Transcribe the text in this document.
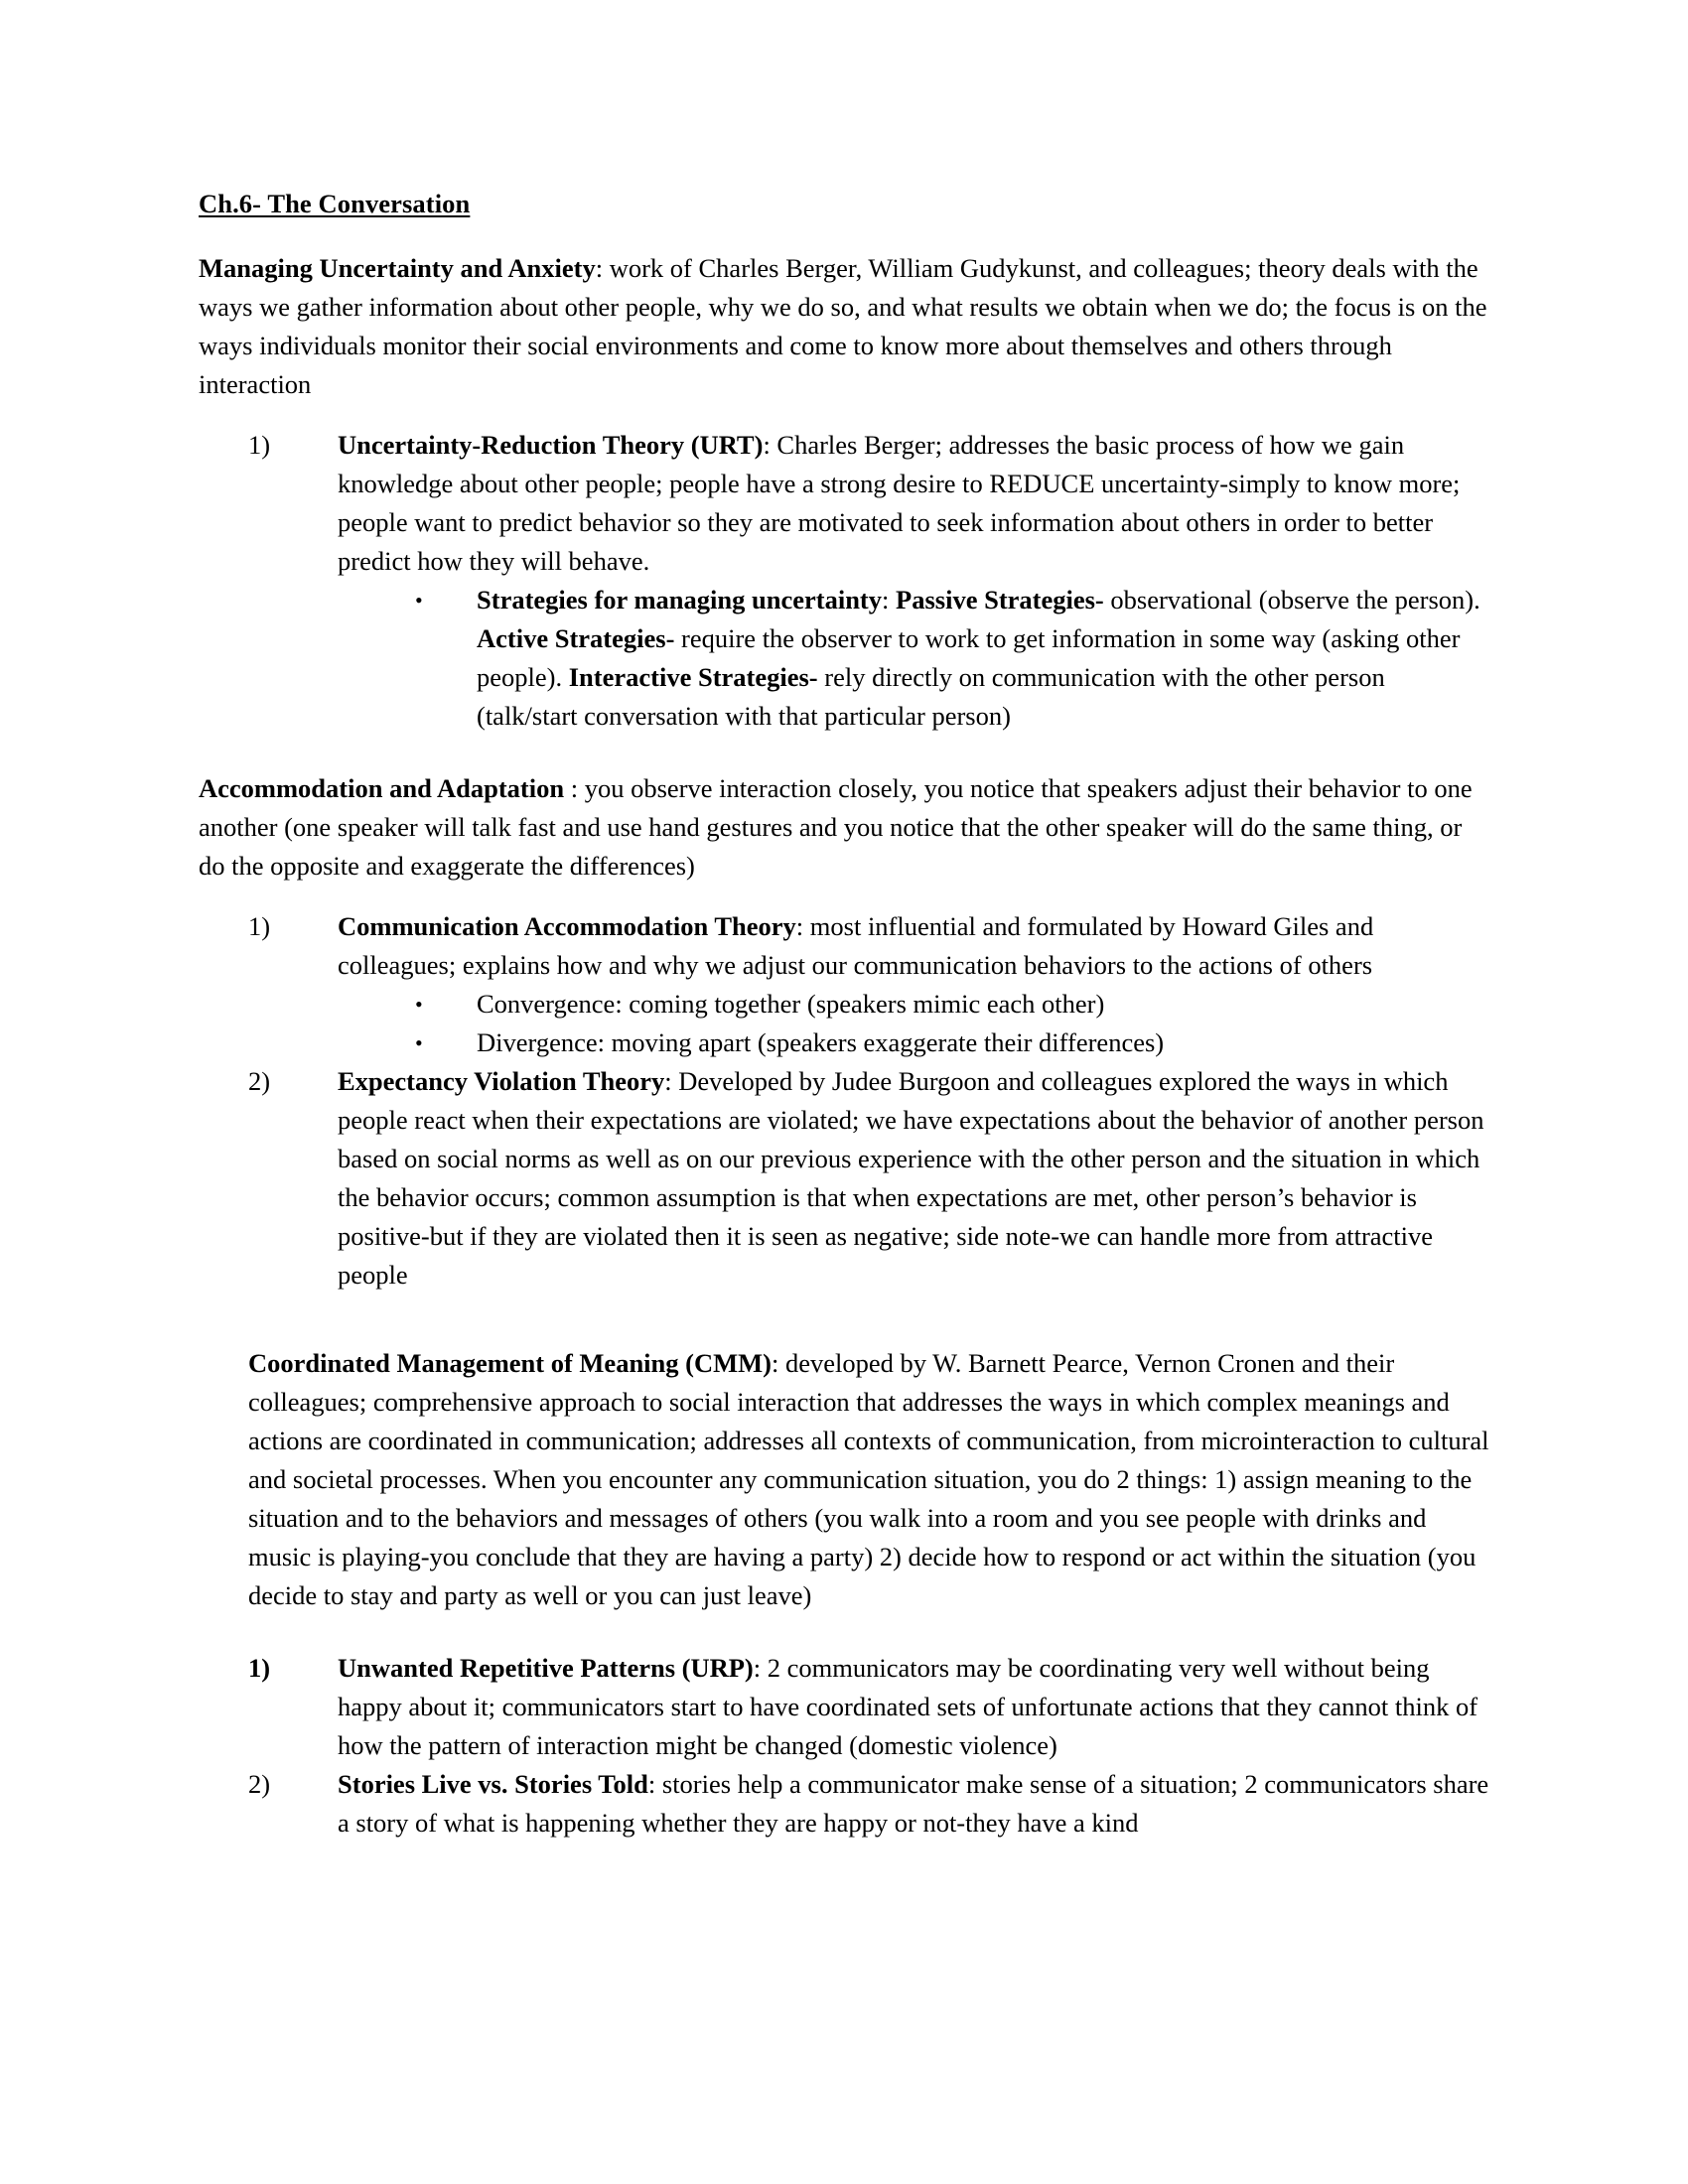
Ch.6- The Conversation

Managing Uncertainty and Anxiety: work of Charles Berger, William Gudykunst, and colleagues; theory deals with the ways we gather information about other people, why we do so, and what results we obtain when we do; the focus is on the ways individuals monitor their social environments and come to know more about themselves and others through interaction

1)	Uncertainty-Reduction Theory (URT): Charles Berger; addresses the basic process of how we gain knowledge about other people; people have a strong desire to REDUCE uncertainty-simply to know more; people want to predict behavior so they are motivated to seek information about others in order to better predict how they will behave.
• Strategies for managing uncertainty: Passive Strategies- observational (observe the person). Active Strategies- require the observer to work to get information in some way (asking other people). Interactive Strategies- rely directly on communication with the other person (talk/start conversation with that particular person)

Accommodation and Adaptation : you observe interaction closely, you notice that speakers adjust their behavior to one another (one speaker will talk fast and use hand gestures and you notice that the other speaker will do the same thing, or do the opposite and exaggerate the differences)

1)	Communication Accommodation Theory: most influential and formulated by Howard Giles and colleagues; explains how and why we adjust our communication behaviors to the actions of others
• Convergence: coming together (speakers mimic each other)
• Divergence: moving apart (speakers exaggerate their differences)
2)	Expectancy Violation Theory: Developed by Judee Burgoon and colleagues explored the ways in which people react when their expectations are violated; we have expectations about the behavior of another person based on social norms as well as on our previous experience with the other person and the situation in which the behavior occurs; common assumption is that when expectations are met, other person’s behavior is positive-but if they are violated then it is seen as negative; side note-we can handle more from attractive people

Coordinated Management of Meaning (CMM): developed by W. Barnett Pearce, Vernon Cronen and their colleagues; comprehensive approach to social interaction that addresses the ways in which complex meanings and actions are coordinated in communication; addresses all contexts of communication, from microinteraction to cultural and societal processes. When you encounter any communication situation, you do 2 things: 1) assign meaning to the situation and to the behaviors and messages of others (you walk into a room and you see people with drinks and music is playing-you conclude that they are having a party) 2) decide how to respond or act within the situation (you decide to stay and party as well or you can just leave)

1)	Unwanted Repetitive Patterns (URP): 2 communicators may be coordinating very well without being happy about it; communicators start to have coordinated sets of unfortunate actions that they cannot think of how the pattern of interaction might be changed (domestic violence)
2)	Stories Live vs. Stories Told: stories help a communicator make sense of a situation; 2 communicators share a story of what is happening whether they are happy or not-they have a kind
